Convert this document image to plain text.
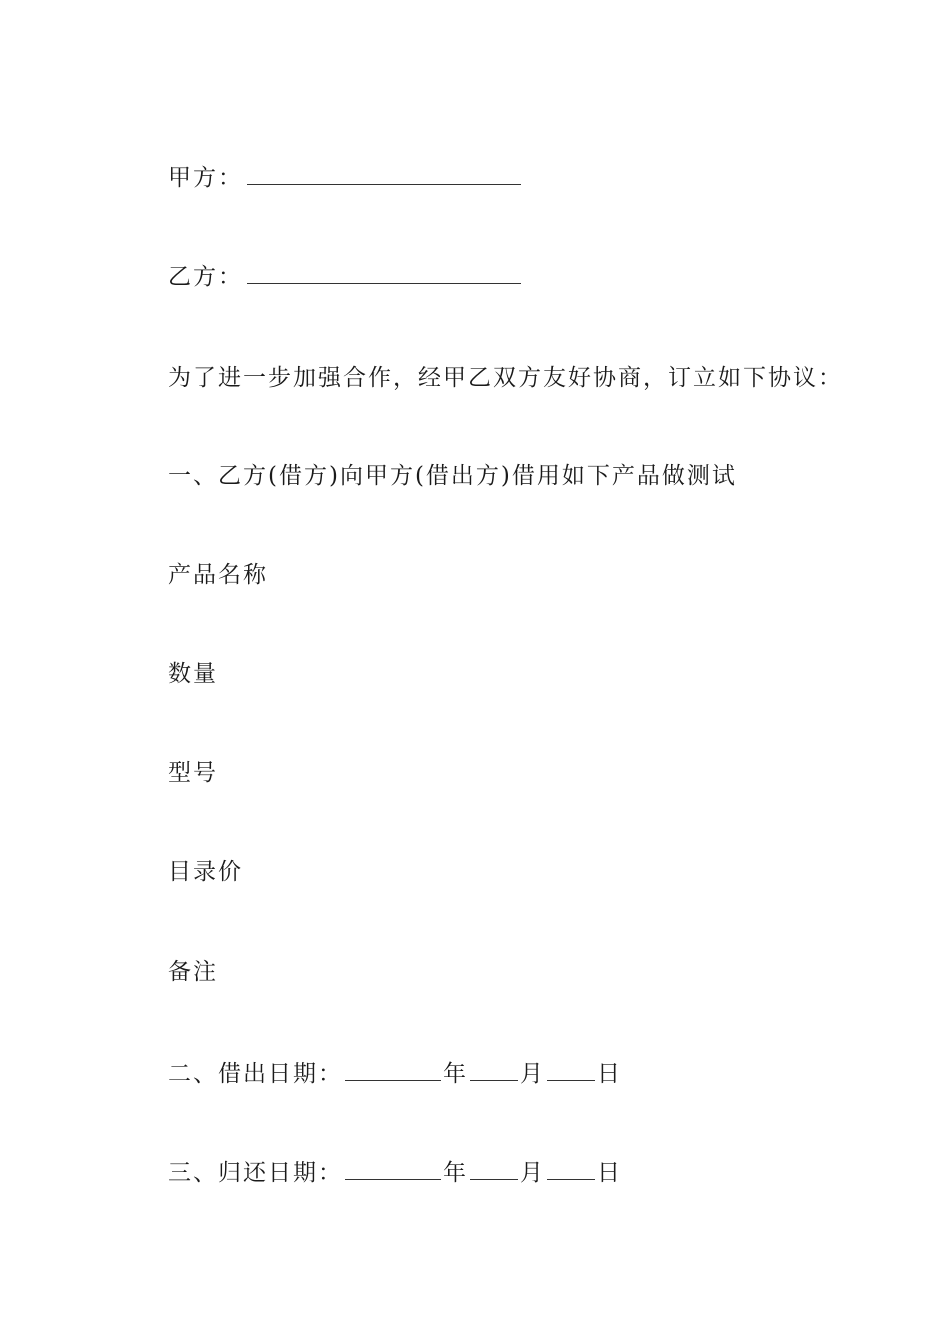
甲方：
乙方：
为了进一步加强合作，经甲乙双方友好协商，订立如下协议：
一、乙方(借方)向甲方(借出方)借用如下产品做测试
产品名称
数量
型号
目录价
备注
二、借出日期：	年 月 日
三、归还日期：	年 月 日
